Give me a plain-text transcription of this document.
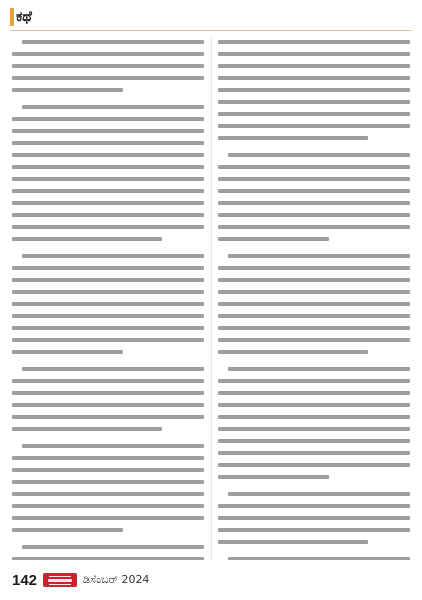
ಕಥೆ
142	ಡಿಸೆಂಬರ್ 2024
